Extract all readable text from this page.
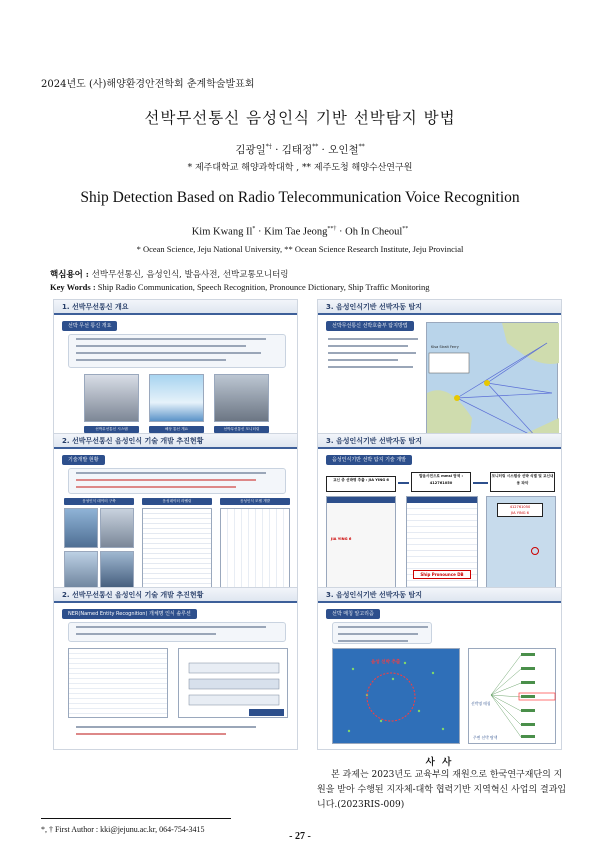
2024년도 (사)해양환경안전학회 춘계학술발표회
선박무선통신 음성인식 기반 선박탐지 방법
김광일*† · 김태정** · 오인철**
* 제주대학교 해양과학대학 , ** 제주도청 해양수산연구원
Ship Detection Based on Radio Telecommunication Voice Recognition
Kim Kwang Il* · Kim Tae Jeong**† · Oh In Cheoul**
* Ocean Science, Jeju National University, ** Ocean Science Research Institute, Jeju Provincial
핵심용어 : 선박무선통신, 음성인식, 발음사전, 선박교통모니터링
Key Words : Ship Radio Communication, Speech Recognition, Pronounce Dictionary, Ship Traffic Monitoring
1. 선박무선통신 개요
선박 무선 통신 개요
선박무선통신 시스템	해상 통신 개요	선박무선통신 모니터링
3. 음성인식기반 선박자동 탐지
선박무선통신 선박호출부 탐지방법
Kisa Strait Ferry
2. 선박무선통신 음성인식 기술 개발 추진현황
기술개발 현황
음성인식 데이터 구축	음성데이터 라벨링	음성인식 모델 개발
3. 음성인식기반 선박자동 탐지
음성인식기반 선박 탐지 기술 개발
교신 중 선박명 추출 : JIA YING 6
발음사전으로 mmsi 탐색 : 412761050
모니터링 시스템상 선박 식별 및 교신내용 파악
JIA YING 6
Ship Pronounce DB
412761050
JIA YING 6
2. 선박무선통신 음성인식 기술 개발 추진현황
NER(Named Entity Recognition) 개체명 인식 솔루션
3. 음성인식기반 선박자동 탐지
선박 매칭 알고리즘
음성 선박 추출
선박명 매칭
주변 선박 탐색
사 사
본 과제는 2023년도 교육부의 재원으로 한국연구재단의 지원을 받아 수행된 지자체-대학 협력기반 지역혁신 사업의 결과입니다.(2023RIS-009)
*, † First Author : kki@jejunu.ac.kr, 064-754-3415
- 27 -
